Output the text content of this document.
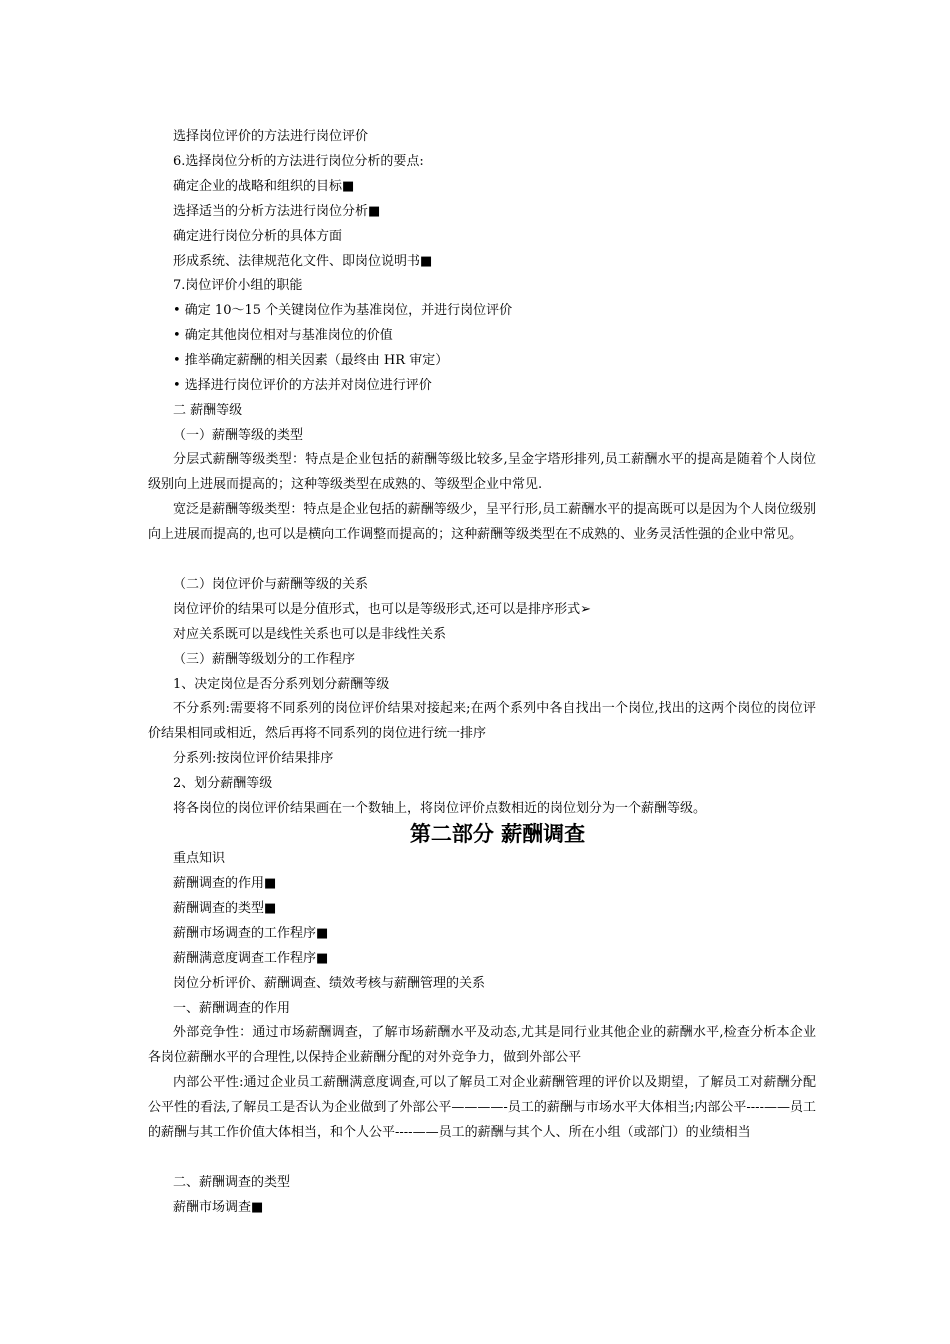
选择岗位评价的方法进行岗位评价
6.选择岗位分析的方法进行岗位分析的要点:
确定企业的战略和组织的目标■
选择适当的分析方法进行岗位分析■
确定进行岗位分析的具体方面
形成系统、法律规范化文件、即岗位说明书■
7.岗位评价小组的职能
• 确定 10～15 个关键岗位作为基准岗位，并进行岗位评价
• 确定其他岗位相对与基准岗位的价值
• 推举确定薪酬的相关因素（最终由 HR 审定）
• 选择进行岗位评价的方法并对岗位进行评价
二 薪酬等级
（一）薪酬等级的类型
分层式薪酬等级类型：特点是企业包括的薪酬等级比较多,呈金字塔形排列,员工薪酬水平的提高是随着个人岗位级别向上进展而提高的；这种等级类型在成熟的、等级型企业中常见.
宽泛是薪酬等级类型：特点是企业包括的薪酬等级少，呈平行形,员工薪酬水平的提高既可以是因为个人岗位级别向上进展而提高的,也可以是横向工作调整而提高的；这种薪酬等级类型在不成熟的、业务灵活性强的企业中常见。
（二）岗位评价与薪酬等级的关系
岗位评价的结果可以是分值形式，也可以是等级形式,还可以是排序形式➢
对应关系既可以是线性关系也可以是非线性关系
（三）薪酬等级划分的工作程序
1、决定岗位是否分系列划分薪酬等级
不分系列:需要将不同系列的岗位评价结果对接起来;在两个系列中各自找出一个岗位,找出的这两个岗位的岗位评价结果相同或相近，然后再将不同系列的岗位进行统一排序
分系列:按岗位评价结果排序
2、划分薪酬等级
将各岗位的岗位评价结果画在一个数轴上，将岗位评价点数相近的岗位划分为一个薪酬等级。
第二部分 薪酬调查
重点知识
薪酬调查的作用■
薪酬调查的类型■
薪酬市场调查的工作程序■
薪酬满意度调查工作程序■
岗位分析评价、薪酬调查、绩效考核与薪酬管理的关系
一、薪酬调查的作用
外部竞争性：通过市场薪酬调查，了解市场薪酬水平及动态,尤其是同行业其他企业的薪酬水平,检查分析本企业各岗位薪酬水平的合理性,以保持企业薪酬分配的对外竞争力，做到外部公平
内部公平性:通过企业员工薪酬满意度调查,可以了解员工对企业薪酬管理的评价以及期望，了解员工对薪酬分配公平性的看法,了解员工是否认为企业做到了外部公平————-员工的薪酬与市场水平大体相当;内部公平----——员工的薪酬与其工作价值大体相当，和个人公平----——员工的薪酬与其个人、所在小组（或部门）的业绩相当
二、薪酬调查的类型
薪酬市场调查■
